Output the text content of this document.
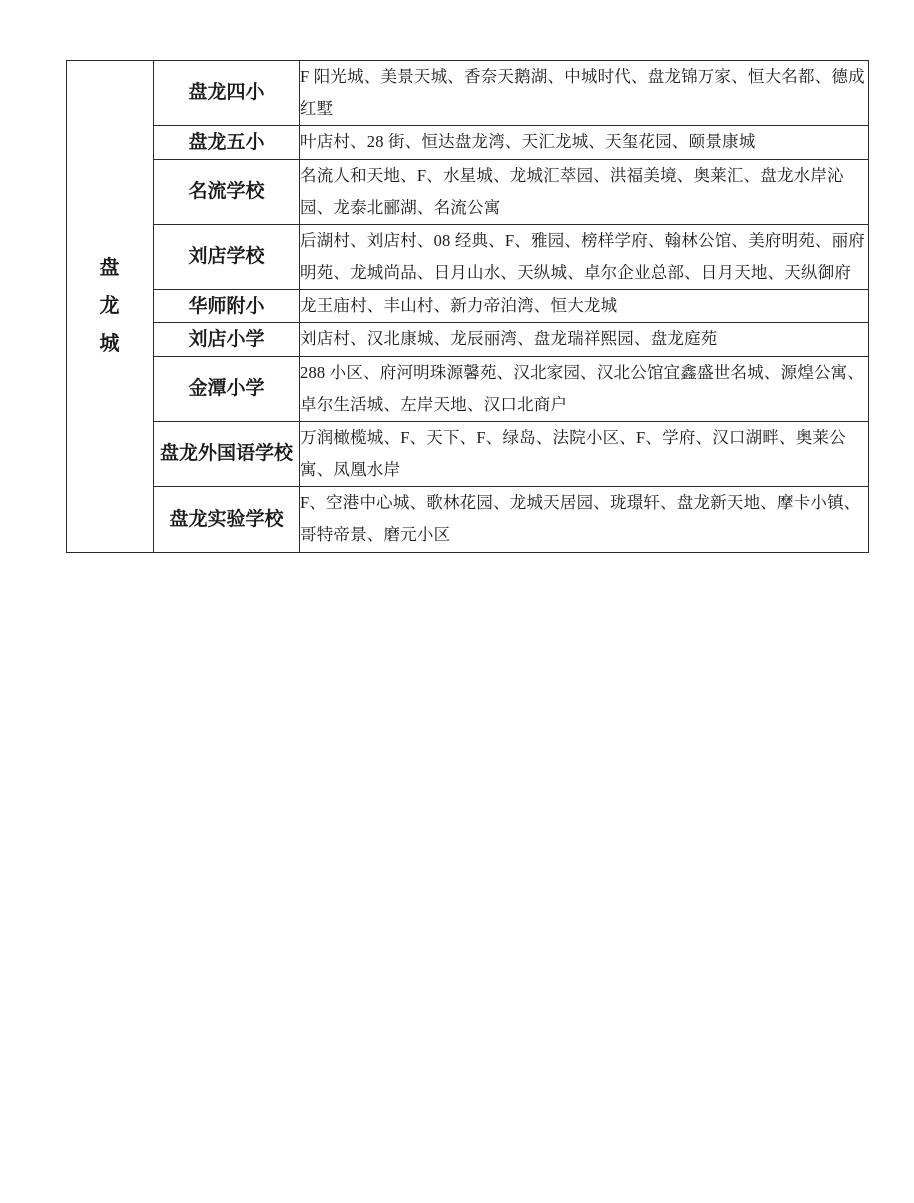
盘
龙
城	盘龙四小	F 阳光城、美景天城、香奈天鹅湖、中城时代、盘龙锦万家、恒大名都、德成红墅

	盘龙五小	叶店村、28 街、恒达盘龙湾、天汇龙城、天玺花园、颐景康城

	名流学校	名流人和天地、F、水星城、龙城汇萃园、洪福美境、奥莱汇、盘龙水岸沁园、龙泰北郦湖、名流公寓

	刘店学校	后湖村、刘店村、08 经典、F、雅园、榜样学府、翰林公馆、美府明苑、丽府明苑、龙城尚品、日月山水、天纵城、卓尔企业总部、日月天地、天纵御府

	华师附小	龙王庙村、丰山村、新力帝泊湾、恒大龙城

	刘店小学	刘店村、汉北康城、龙辰丽湾、盘龙瑞祥熙园、盘龙庭苑

	金潭小学	288 小区、府河明珠源馨苑、汉北家园、汉北公馆宜鑫盛世名城、源煌公寓、卓尔生活城、左岸天地、汉口北商户

	盘龙外国语学校	万润橄榄城、F、天下、F、绿岛、法院小区、F、学府、汉口湖畔、奥莱公寓、凤凰水岸

	盘龙实验学校	F、空港中心城、歌林花园、龙城天居园、珑璟轩、盘龙新天地、摩卡小镇、哥特帝景、磨元小区
